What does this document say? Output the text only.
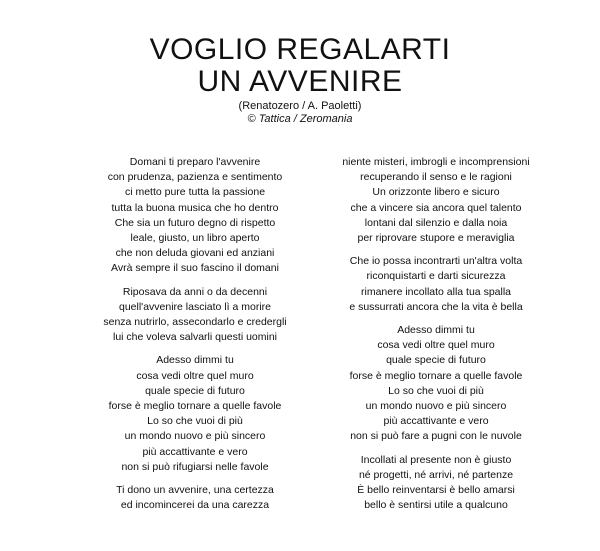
VOGLIO REGALARTI
UN AVVENIRE
(Renatozero / A. Paoletti)
© Tattica / Zeromania
Domani ti preparo l'avvenire
con prudenza, pazienza e sentimento
ci metto pure tutta la passione
tutta la buona musica che ho dentro
Che sia un futuro degno di rispetto
leale, giusto, un libro aperto
che non deluda giovani ed anziani
Avrà sempre il suo fascino il domani
Riposava da anni o da decenni
quell'avvenire lasciato lì a morire
senza nutrirlo, assecondarlo e credergli
lui che voleva salvarli questi uomini
Adesso dimmi tu
cosa vedi oltre quel muro
quale specie di futuro
forse è meglio tornare a quelle favole
Lo so che vuoi di più
un mondo nuovo e più sincero
più accattivante e vero
non si può rifugiarsi nelle favole
Ti dono un avvenire, una certezza
ed incomincerei da una carezza
niente misteri, imbrogli e incomprensioni
recuperando il senso e le ragioni
Un orizzonte libero e sicuro
che a vincere sia ancora quel talento
lontani dal silenzio e dalla noia
per riprovare stupore e meraviglia
Che io possa incontrarti un'altra volta
riconquistarti e darti sicurezza
rimanere incollato alla tua spalla
e sussurrati ancora che la vita è bella
Adesso dimmi tu
cosa vedi oltre quel muro
quale specie di futuro
forse è meglio tornare a quelle favole
Lo so che vuoi di più
un mondo nuovo e più sincero
più accattivante e vero
non si può fare a pugni con le nuvole
Incollati al presente non è giusto
né progetti, né arrivi, né partenze
È bello reinventarsi è bello amarsi
bello è sentirsi utile a qualcuno
